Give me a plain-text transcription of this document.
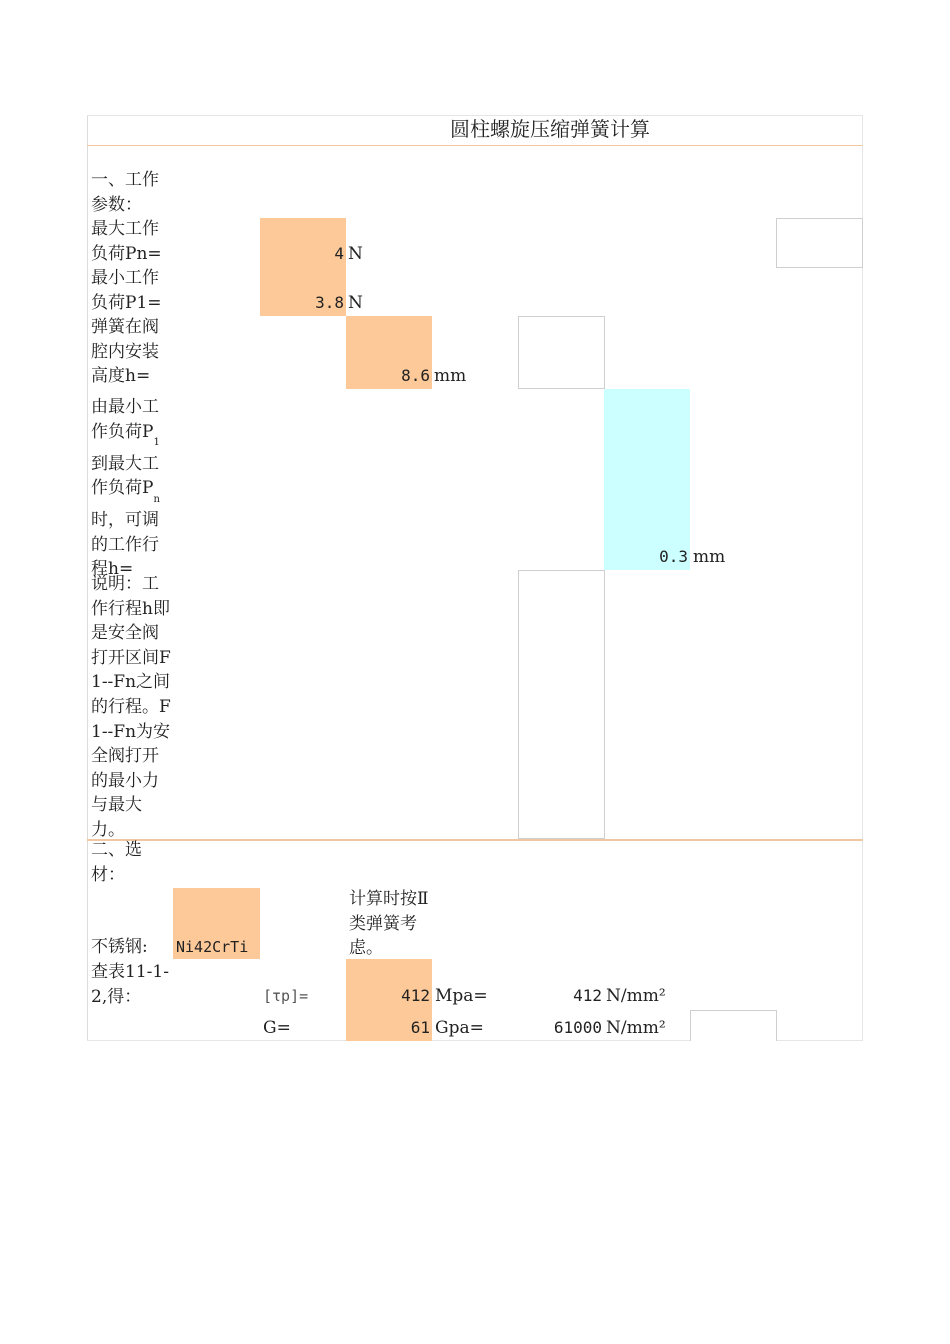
圆柱螺旋压缩弹簧计算
一、工作参数：
最大工作负荷Pn=	4 N
最小工作负荷P1=	3.8 N
弹簧在阀腔内安装高度h=	8.6 mm
由最小工作负荷$P_1$到最大工作负荷$P_n$时，可调的工作行程h=
0.3 mm
说明：工作行程h即是安全阀打开区间F1--Fn之间的行程。F1--Fn为安全阀打开的最小力与最大力。
二、选材：
不锈钢: Ni42CrTi
计算时按Ⅱ类弹簧考虑。
查表11-1-2,得：	[τp]=	412 Mpa=	412 N/mm²
G=	61 Gpa=	61000 N/mm²
